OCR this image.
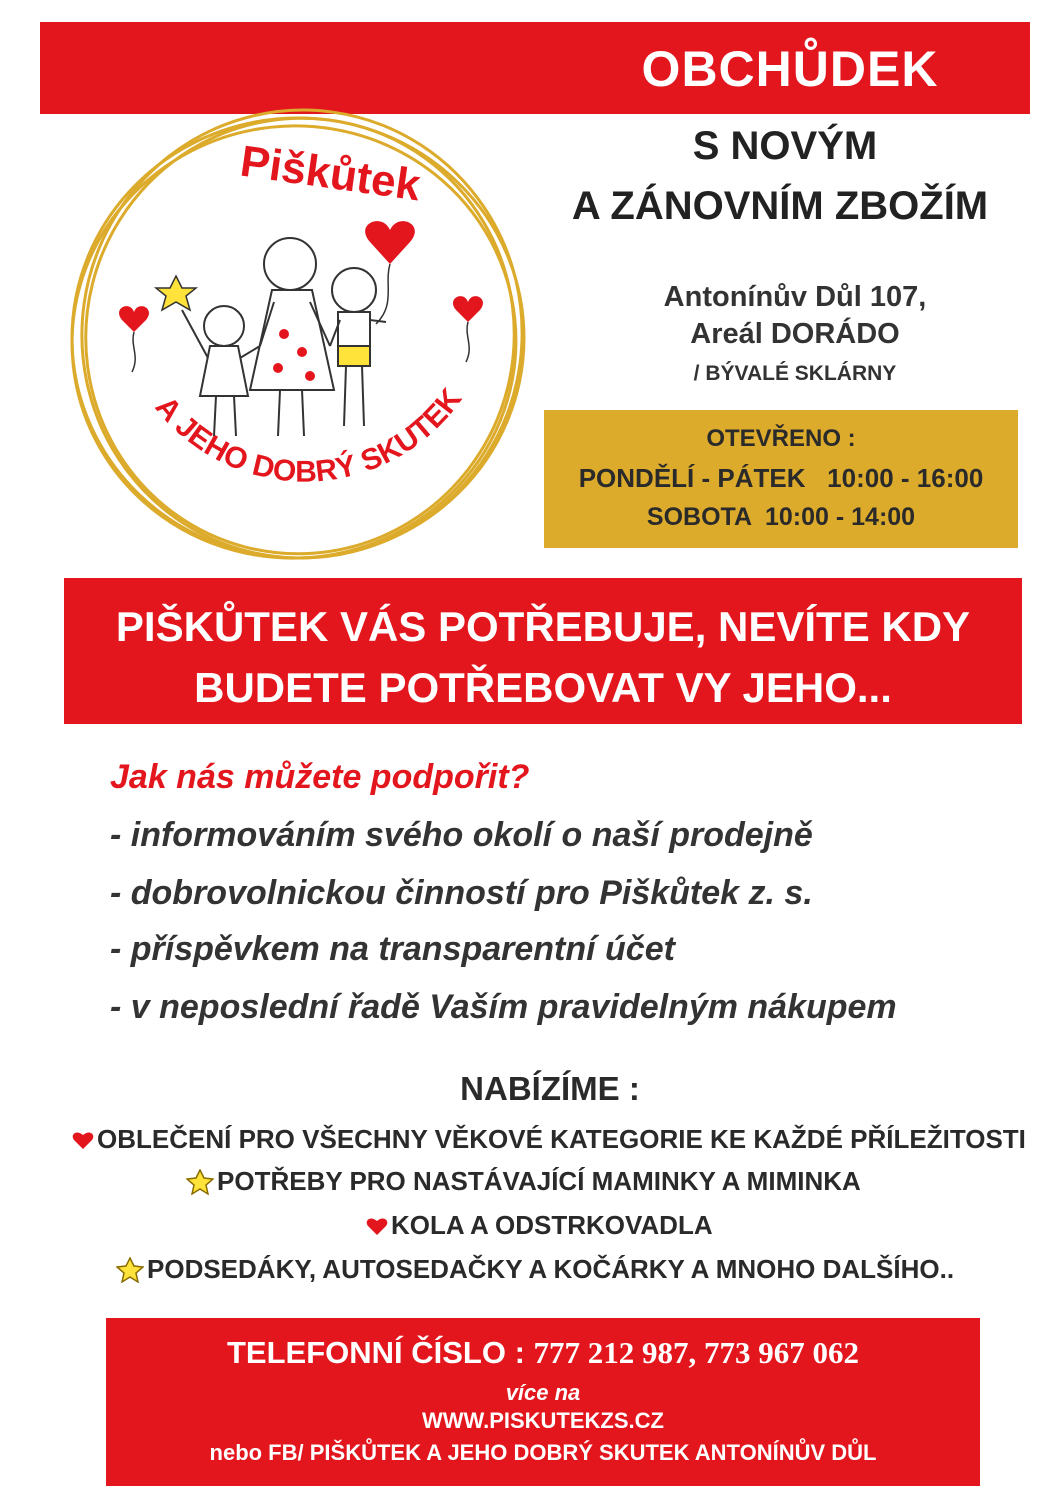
OBCHŮDEK
S NOVÝM
A ZÁNOVNÍM ZBOŽÍM
Piškůtek
A JEHO DOBRÝ SKUTEK
Antonínův Důl 107,
Areál DORÁDO
/ BÝVALÉ SKLÁRNY
OTEVŘENO :
PONDĚLÍ - PÁTEK   10:00 - 16:00
SOBOTA  10:00 - 14:00
PIŠKŮTEK VÁS POTŘEBUJE, NEVÍTE KDY
BUDETE POTŘEBOVAT VY JEHO...
Jak nás můžete podpořit?
- informováním svého okolí o naší prodejně
- dobrovolnickou činností pro Piškůtek z. s.
- příspěvkem na transparentní účet
- v neposlední řadě Vaším pravidelným nákupem
NABÍZÍME :
OBLEČENÍ PRO VŠECHNY VĚKOVÉ KATEGORIE KE KAŽDÉ PŘÍLEŽITOSTI
POTŘEBY PRO NASTÁVAJÍCÍ MAMINKY A MIMINKA
KOLA A ODSTRKOVADLA
PODSEDÁKY, AUTOSEDAČKY A KOČÁRKY A MNOHO DALŠÍHO..
TELEFONNÍ ČÍSLO : 777 212 987, 773 967 062
více na
WWW.PISKUTEKZS.CZ
nebo FB/ PIŠKŮTEK A JEHO DOBRÝ SKUTEK ANTONÍNŮV DŮL
